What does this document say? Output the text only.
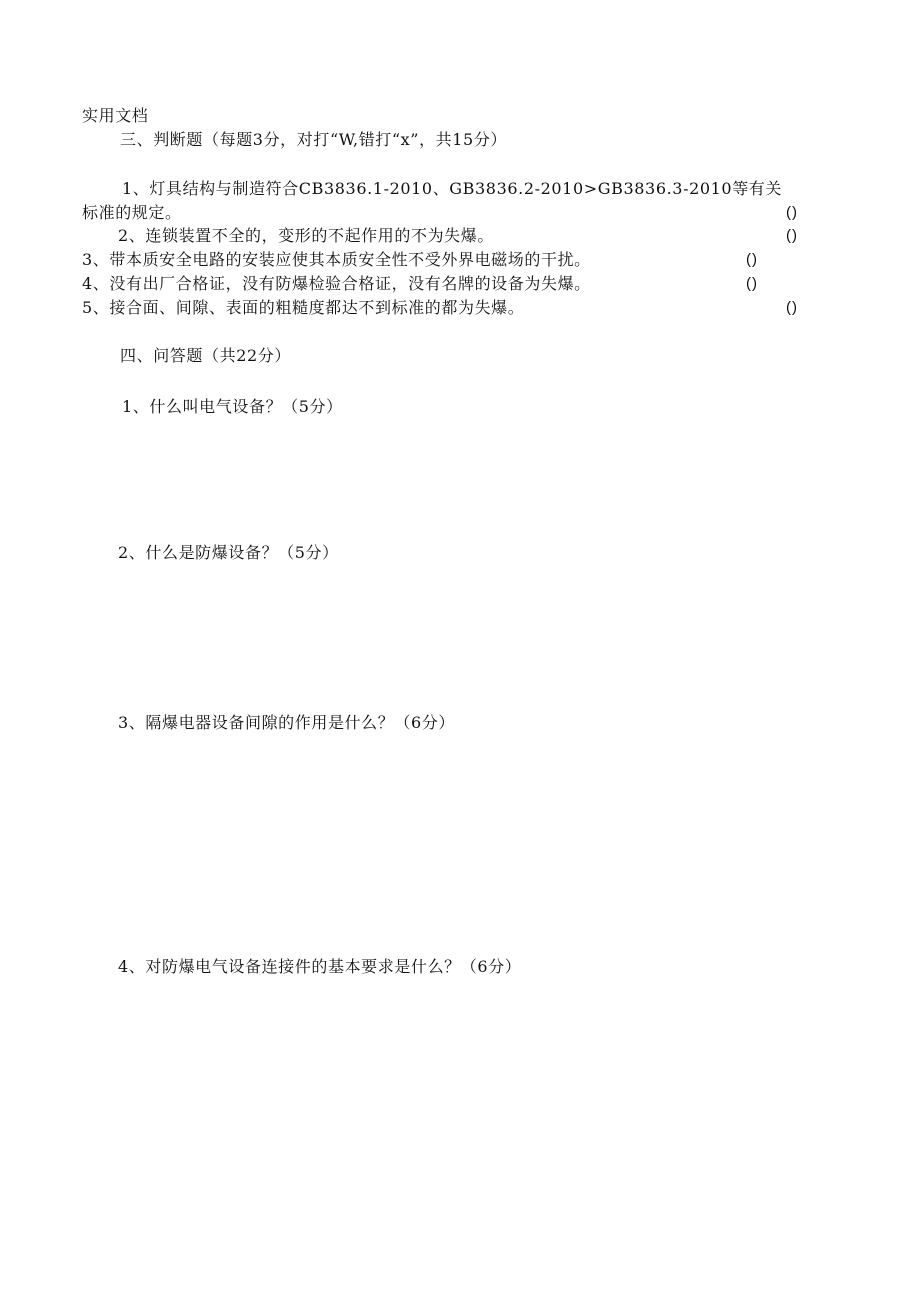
实用文档
三、判断题（每题3分，对打“W,错打“x”，共15分）
1、灯具结构与制造符合CB3836.1-2010、GB3836.2-2010>GB3836.3-2010等有关
标准的规定。	()
2、连锁装置不全的，变形的不起作用的不为失爆。	()
3、带本质安全电路的安装应使其本质安全性不受外界电磁场的干扰。	()
4、没有出厂合格证，没有防爆检验合格证，没有名牌的设备为失爆。	()
5、接合面、间隙、表面的粗糙度都达不到标准的都为失爆。	()
四、问答题（共22分）
1、什么叫电气设备？（5分）
2、什么是防爆设备？（5分）
3、隔爆电器设备间隙的作用是什么？（6分）
4、对防爆电气设备连接件的基本要求是什么？（6分）
